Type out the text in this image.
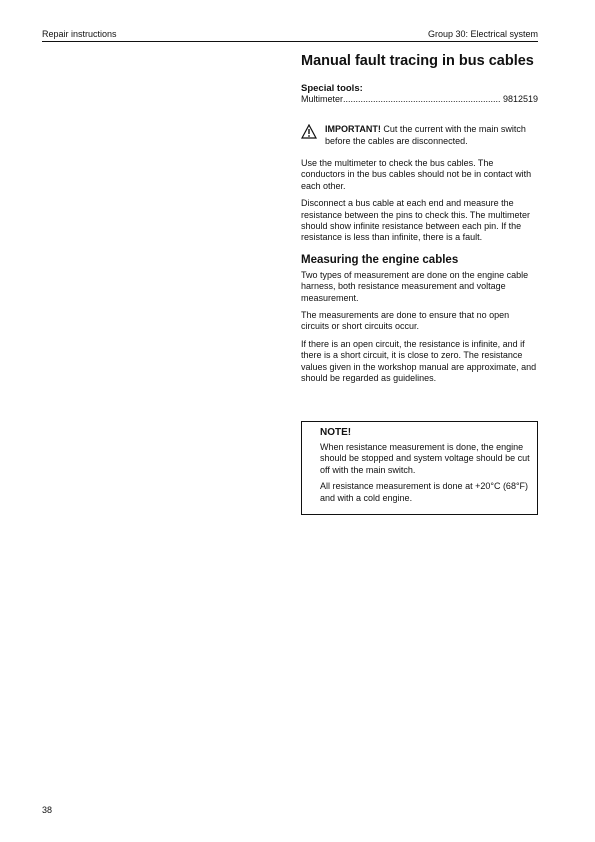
Repair instructions	Group 30: Electrical system
Manual fault tracing in bus cables
Special tools:
Multimeter
.....	9812519
IMPORTANT! Cut the current with the main switch before the cables are disconnected.

Use the multimeter to check the bus cables. The conductors in the bus cables should not be in contact with each other.

Disconnect a bus cable at each end and measure the resistance between the pins to check this. The multimeter should show infinite resistance between each pin. If the resistance is less than infinite, there is a fault.

Measuring the engine cables

Two types of measurement are done on the engine cable harness, both resistance measurement and voltage measurement.

The measurements are done to ensure that no open circuits or short circuits occur.

If there is an open circuit, the resistance is infinite, and if there is a short circuit, it is close to zero. The resistance values given in the workshop manual are approximate, and should be regarded as guidelines.

NOTE!

When resistance measurement is done, the engine should be stopped and system voltage should be cut off with the main switch.

All resistance measurement is done at +20°C (68°F) and with a cold engine.

38
